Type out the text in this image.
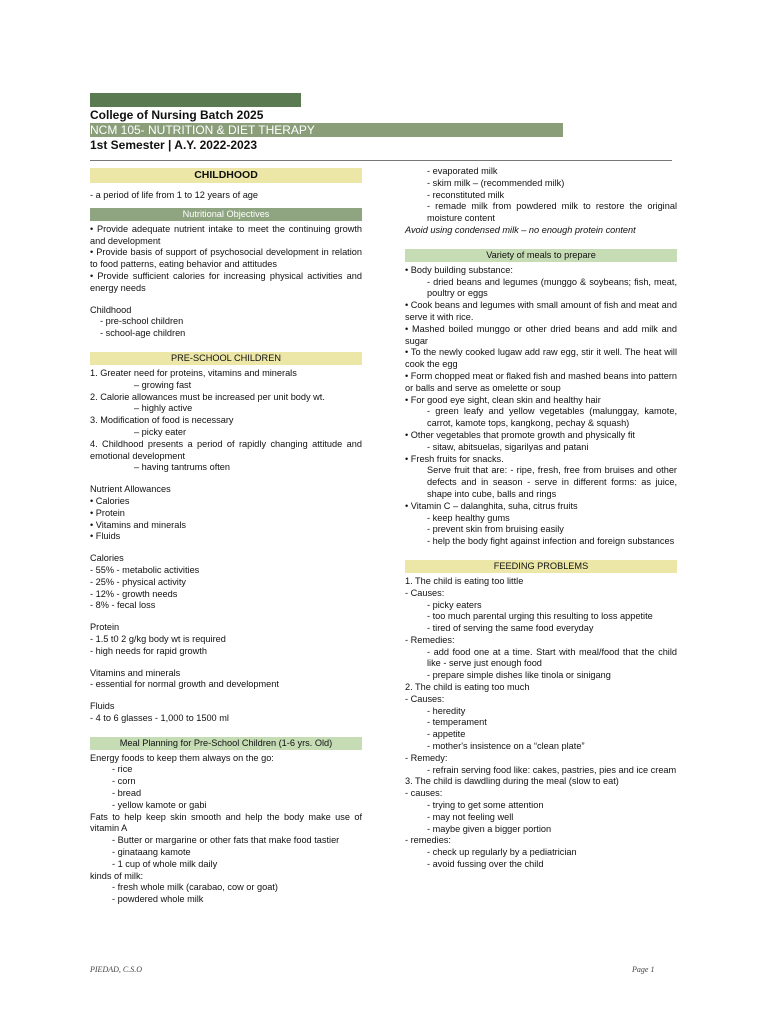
College of Nursing Batch 2025
NCM 105- NUTRITION & DIET THERAPY
1st Semester | A.Y. 2022-2023
CHILDHOOD

- a period of life from 1 to 12 years of age

Nutritional Objectives

• Provide adequate nutrient intake to meet the continuing growth and development

• Provide basis of support of psychosocial development in relation to food patterns, eating behavior and attitudes

• Provide sufficient calories for increasing physical activities and energy needs

Childhood

- pre-school children

- school-age children

PRE-SCHOOL CHILDREN

1. Greater need for proteins, vitamins and minerals

– growing fast

2. Calorie allowances must be increased per unit body wt.

– highly active

3. Modification of food is necessary

– picky eater

4. Childhood presents a period of rapidly changing attitude and emotional development

– having tantrums often

Nutrient Allowances

• Calories

• Protein

• Vitamins and minerals

• Fluids

Calories

- 55% - metabolic activities

- 25% - physical activity

- 12% - growth needs

- 8% - fecal loss

Protein

- 1.5 t0 2 g/kg body wt is required

- high needs for rapid growth

Vitamins and minerals

- essential for normal growth and development

Fluids

- 4 to 6 glasses - 1,000 to 1500 ml

Meal Planning for Pre-School Children (1-6 yrs. Old)

Energy foods to keep them always on the go:

- rice

- corn

- bread

- yellow kamote or gabi

Fats to help keep skin smooth and help the body make use of vitamin A

- Butter or margarine or other fats that make food tastier

- ginataang kamote

- 1 cup of whole milk daily

kinds of milk:

- fresh whole milk (carabao, cow or goat)

- powdered whole milk

- evaporated milk

- skim milk – (recommended milk)

- reconstituted milk

- remade milk from powdered milk to restore the original moisture content

Avoid using condensed milk – no enough protein content

Variety of meals to prepare

• Body building substance:

- dried beans and legumes (munggo & soybeans; fish, meat, poultry or eggs

• Cook beans and legumes with small amount of fish and meat and serve it with rice.

• Mashed boiled munggo or other dried beans and add milk and sugar

• To the newly cooked lugaw add raw egg, stir it well. The heat will cook the egg

• Form chopped meat or flaked fish and mashed beans into pattern or balls and serve as omelette or soup

• For good eye sight, clean skin and healthy hair

- green leafy and yellow vegetables (malunggay, kamote, carrot, kamote tops, kangkong, pechay & squash)

• Other vegetables that promote growth and physically fit

- sitaw, abitsuelas, sigarilyas and patani

• Fresh fruits for snacks.

Serve fruit that are: - ripe, fresh, free from bruises and other defects and in season - serve in different forms: as juice, shape into cube, balls and rings

• Vitamin C – dalanghita, suha, citrus fruits

- keep healthy gums

- prevent skin from bruising easily

- help the body fight against infection and foreign substances

FEEDING PROBLEMS

1. The child is eating too little

- Causes:

- picky eaters

- too much parental urging this resulting to loss appetite

- tired of serving the same food everyday

- Remedies:

- add food one at a time. Start with meal/food that the child like - serve just enough food

- prepare simple dishes like tinola or sinigang

2. The child is eating too much

- Causes:

- heredity

- temperament

- appetite

- mother's insistence on a “clean plate”

- Remedy:

- refrain serving food like: cakes, pastries, pies and ice cream

3. The child is dawdling during the meal (slow to eat)

- causes:

- trying to get some attention

- may not feeling well

- maybe given a bigger portion

- remedies:

- check up regularly by a pediatrician

- avoid fussing over the child

PIEDAD, C.S.O	Page 1
